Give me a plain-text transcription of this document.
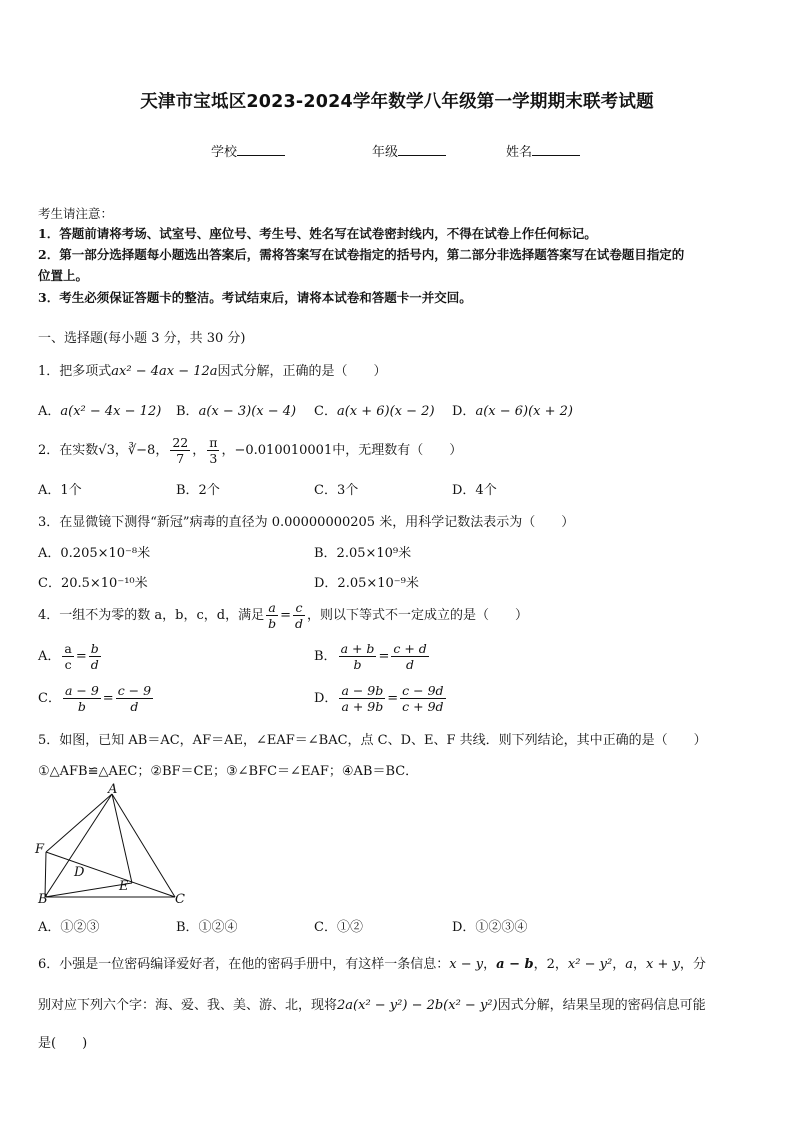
天津市宝坻区2023-2024学年数学八年级第一学期期末联考试题
学校	年级	姓名
考生请注意：
1．答题前请将考场、试室号、座位号、考生号、姓名写在试卷密封线内，不得在试卷上作任何标记。
2．第一部分选择题每小题选出答案后，需将答案写在试卷指定的括号内，第二部分非选择题答案写在试卷题目指定的
位置上。
3．考生必须保证答题卡的整洁。考试结束后，请将本试卷和答题卡一并交回。
一、选择题(每小题 3 分，共 30 分)
1．把多项式ax² − 4ax − 12a因式分解，正确的是（　　）
A．a(x² − 4x − 12) B．a(x − 3)(x − 4) C．a(x + 6)(x − 2) D．a(x − 6)(x + 2)
2．在实数√3，∛−8， $\frac{22}{7}$ ， $\frac{\pi}{3}$ ，−0.010010001中，无理数有（　　）
A．1个	B．2个	C．3个	D．4个
3．在显微镜下测得“新冠”病毒的直径为 0.00000000205 米，用科学记数法表示为（　　）
A．0.205×10⁻⁸米	B．2.05×10⁹米
C．20.5×10⁻¹⁰米	D．2.05×10⁻⁹米
4．一组不为零的数 a，b，c，d，满足 $\frac{a}{b} = \frac{c}{d}$ ，则以下等式不一定成立的是（　　）
A． $\frac{a}{c} = \frac{b}{d}$	B． $\frac{a + b}{b} = \frac{c + d}{d}$
C． $\frac{a - 9}{b} = \frac{c - 9}{d}$	D． $\frac{a - 9b}{a + 9b} = \frac{c - 9d}{c + 9d}$
5．如图，已知 AB＝AC，AF＝AE，∠EAF＝∠BAC，点 C、D、E、F 共线．则下列结论，其中正确的是（　　）
①△AFB≌△AEC；②BF＝CE；③∠BFC＝∠EAF；④AB＝BC．
A
F
D
E
B	C
A．①②③	B．①②④	C．①②	D．①②③④
6．小强是一位密码编译爱好者，在他的密码手册中，有这样一条信息：x − y，a − b，2，x² − y²，a，x + y，分
别对应下列六个字：海、爱、我、美、游、北，现将2a(x² − y²) − 2b(x² − y²)因式分解，结果呈现的密码信息可能
是(　　)
